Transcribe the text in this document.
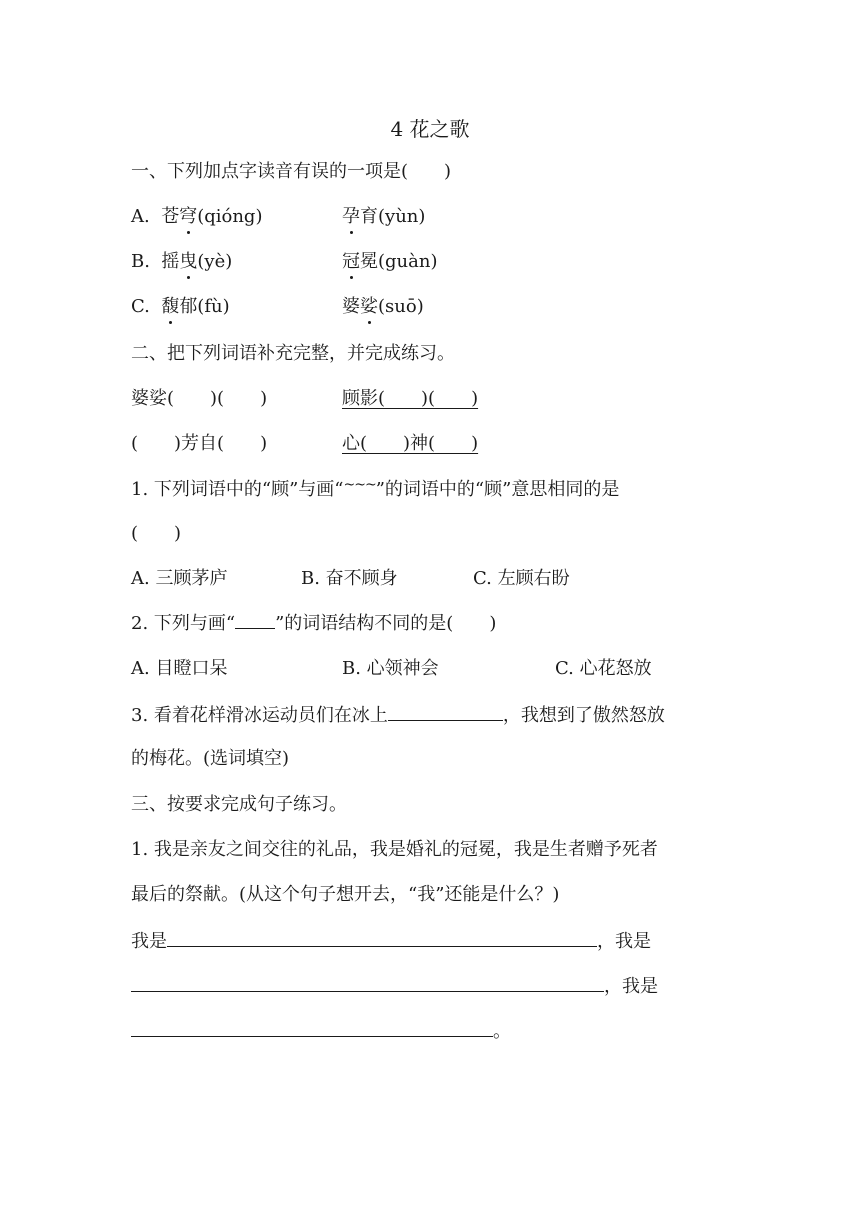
4 花之歌
一、下列加点字读音有误的一项是(　　)
A. 苍穹(qióng)	孕育(yùn)
B. 摇曳(yè)	冠冕(guàn)
C. 馥郁(fù)	婆娑(suō)
二、把下列词语补充完整，并完成练习。
婆娑(　　)(　　)	顾影(　　)(　　)
(　　)芳自(　　)	心(　　)神(　　)
1. 下列词语中的“顾”与画“~~~”的词语中的“顾”意思相同的是
(　　)
A. 三顾茅庐	B. 奋不顾身	C. 左顾右盼
2. 下列与画“ ”的词语结构不同的是(　　)
A. 目瞪口呆	B. 心领神会	C. 心花怒放
3. 看着花样滑冰运动员们在冰上	，我想到了傲然怒放
的梅花。(选词填空)
三、按要求完成句子练习。
1. 我是亲友之间交往的礼品，我是婚礼的冠冕，我是生者赠予死者
最后的祭献。(从这个句子想开去，“我”还能是什么？)
我是	，我是
，我是
。
